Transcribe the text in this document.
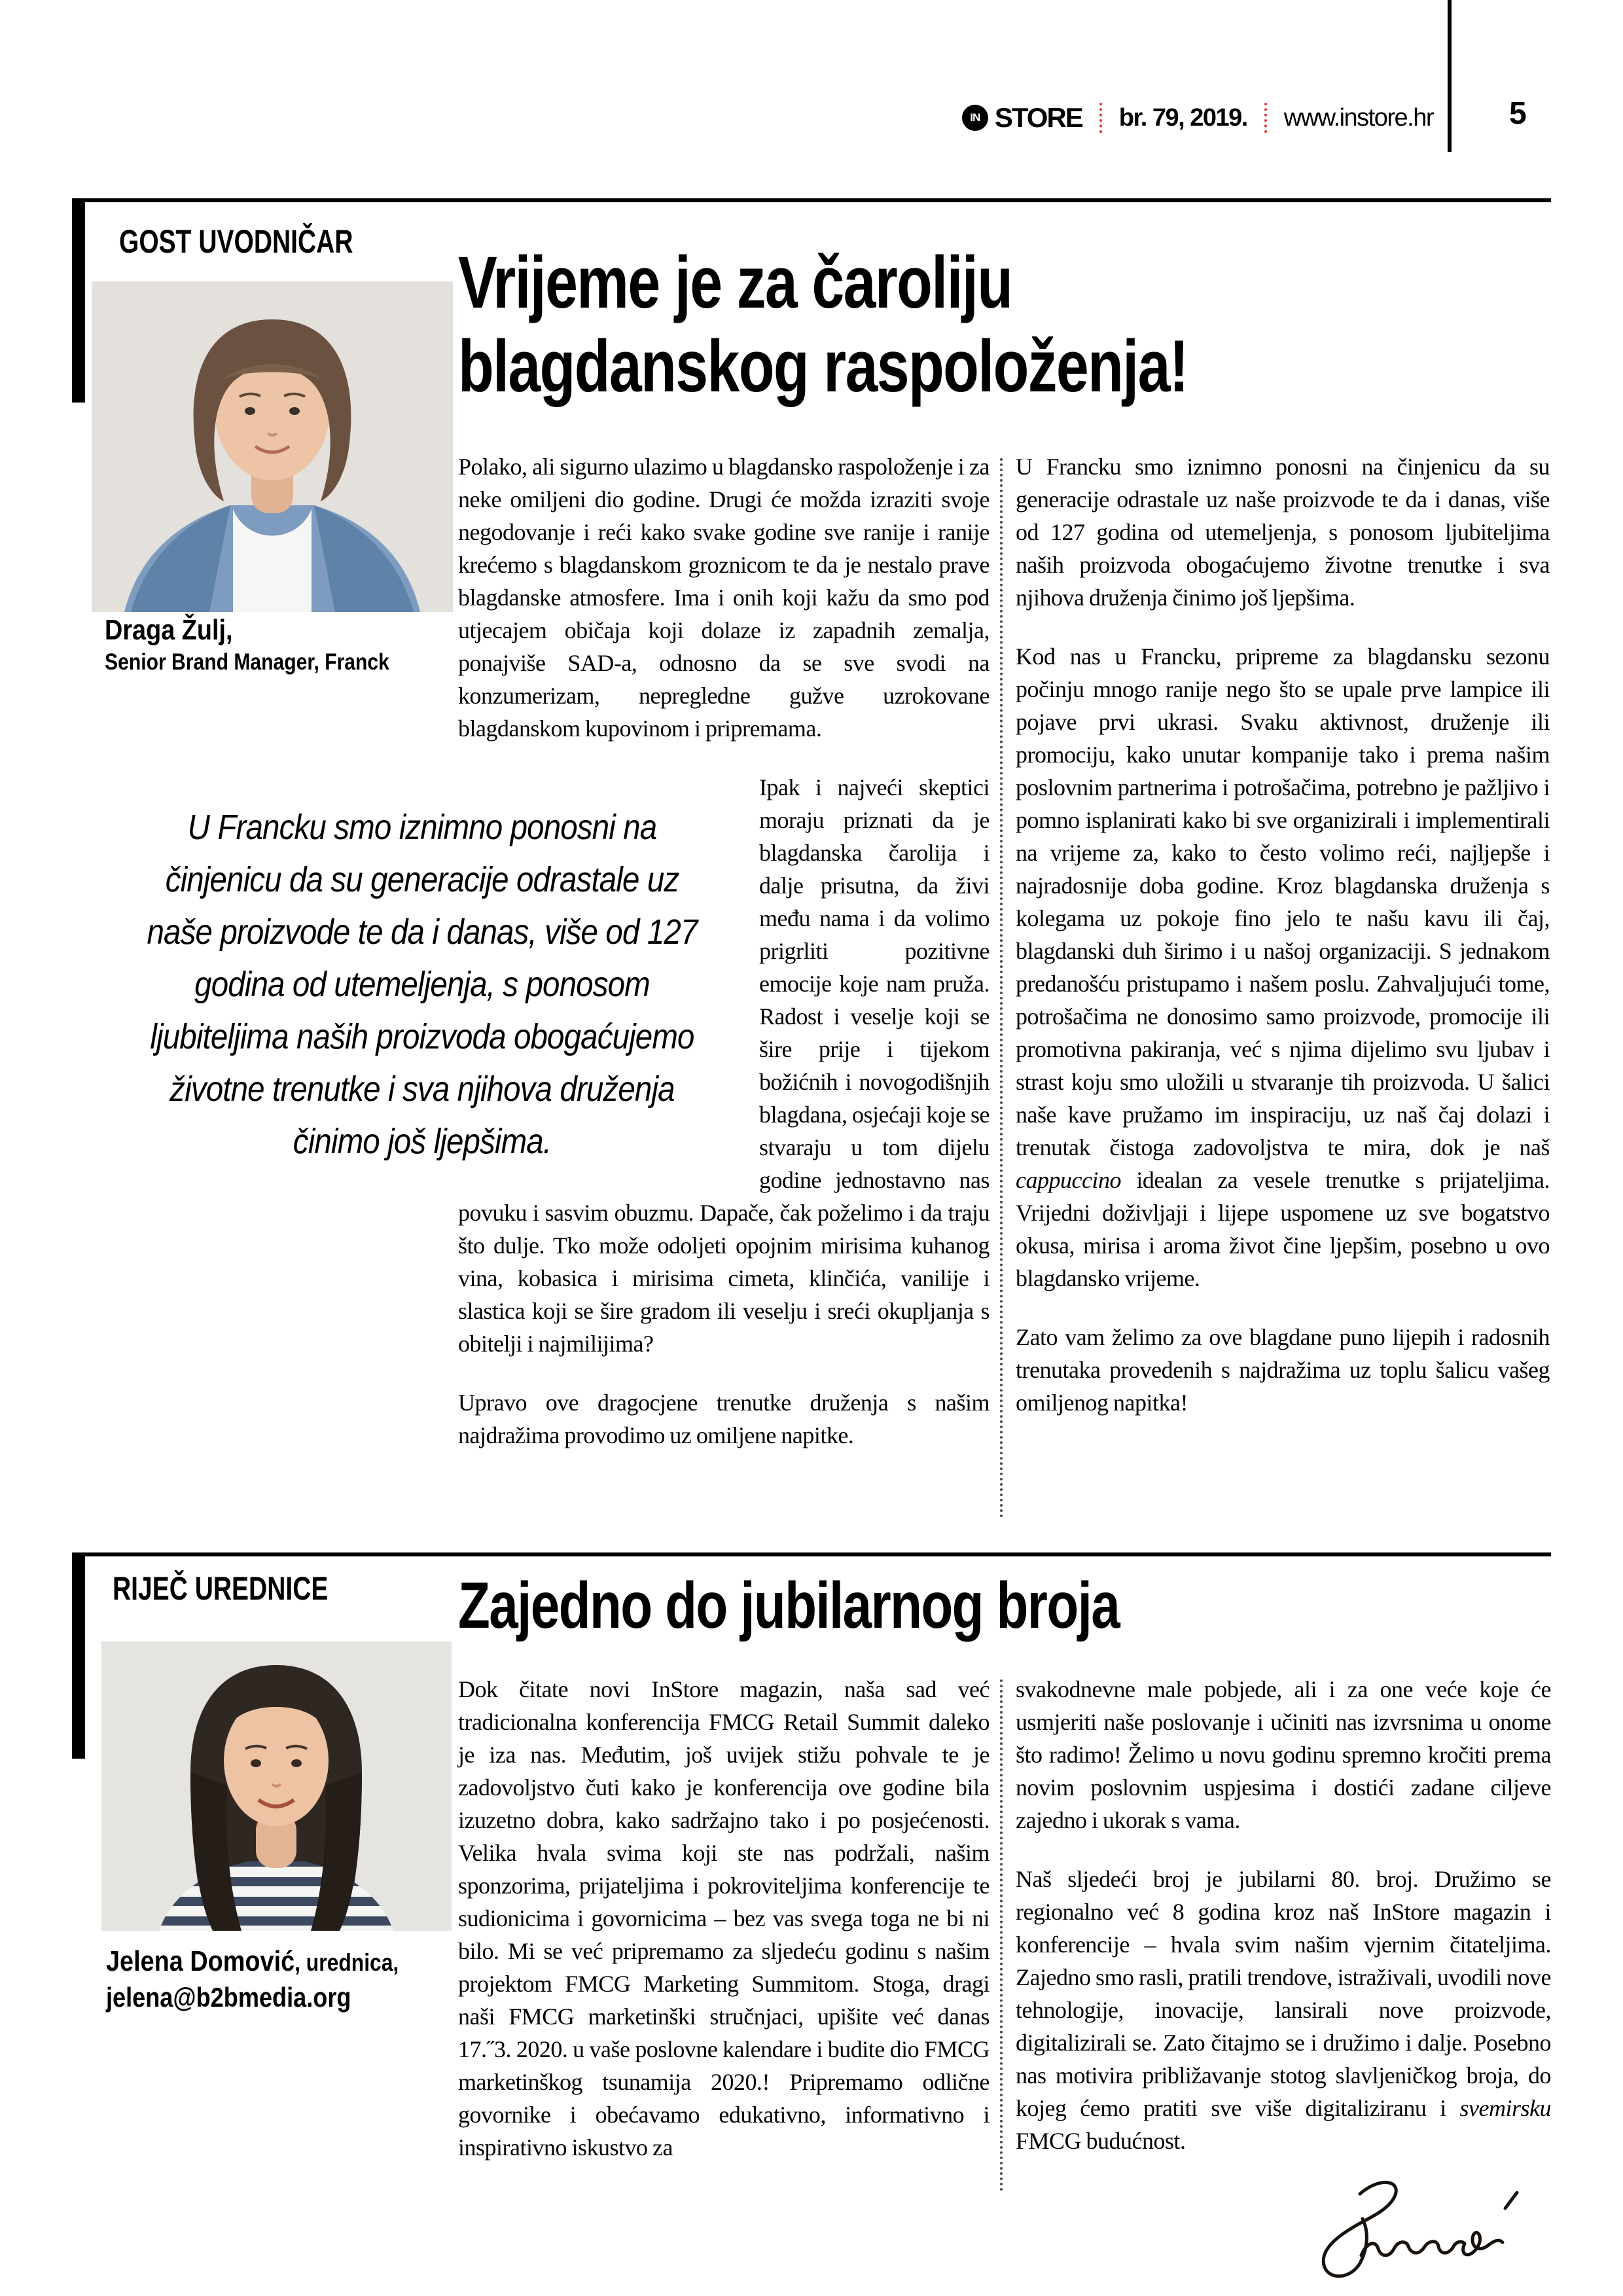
IN STORE br. 79, 2019. www.instore.hr 5
GOST UVODNIČAR	Vrijeme je za čaroliju
blagdanskog raspoloženja!
Draga Žulj,
Senior Brand Manager, Franck

Polako, ali sigurno ulazimo u blagdansko raspoloženje i za neke omiljeni dio godine. Drugi će možda izraziti svoje negodovanje i reći kako svake godine sve ranije i ranije krećemo s blagdanskom groznicom te da je nestalo prave blagdanske atmosfere. Ima i onih koji kažu da smo pod utjecajem običaja koji dolaze iz zapadnih zemalja, ponajviše SAD-a, odnosno da se sve svodi na konzumerizam, nepregledne gužve uzrokovane blagdanskom kupovinom i pripremama.

U Francku smo iznimno ponosni na činjenicu da su generacije odrastale uz naše proizvode te da i danas, više od 127 godina od utemeljenja, s ponosom ljubiteljima naših proizvoda obogaćujemo životne trenutke i sva njihova druženja činimo još ljepšima.

Ipak i najveći skeptici moraju priznati da je blagdanska čarolija i dalje prisutna, da živi među nama i da volimo prigrliti pozitivne emocije koje nam pruža. Radost i veselje koji se šire prije i tijekom božićnih i novogodišnjih blagdana, osjećaji koje se stvaraju u tom dijelu godine jednostavno nas povuku i sasvim obuzmu. Dapače, čak poželimo i da traju što dulje. Tko može odoljeti opojnim mirisima kuhanog vina, kobasica i mirisima cimeta, klinčića, vanilije i slastica koji se šire gradom ili veselju i sreći okupljanja s obitelji i najmilijima?

Upravo ove dragocjene trenutke druženja s našim najdražima provodimo uz omiljene napitke.

U Francku smo iznimno ponosni na činjenicu da su generacije odrastale uz naše proizvode te da i danas, više od 127 godina od utemeljenja, s ponosom ljubiteljima naših proizvoda obogaćujemo životne trenutke i sva njihova druženja činimo još ljepšima.

Kod nas u Francku, pripreme za blagdansku sezonu počinju mnogo ranije nego što se upale prve lampice ili pojave prvi ukrasi. Svaku aktivnost, druženje ili promociju, kako unutar kompanije tako i prema našim poslovnim partnerima i potrošačima, potrebno je pažljivo i pomno isplanirati kako bi sve organizirali i implementirali na vrijeme za, kako to često volimo reći, najljepše i najradosnije doba godine. Kroz blagdanska druženja s kolegama uz pokoje fino jelo te našu kavu ili čaj, blagdanski duh širimo i u našoj organizaciji. S jednakom predanošću pristupamo i našem poslu. Zahvaljujući tome, potrošačima ne donosimo samo proizvode, promocije ili promotivna pakiranja, već s njima dijelimo svu ljubav i strast koju smo uložili u stvaranje tih proizvoda. U šalici naše kave pružamo im inspiraciju, uz naš čaj dolazi i trenutak čistoga zadovoljstva te mira, dok je naš cappuccino idealan za vesele trenutke s prijateljima. Vrijedni doživljaji i lijepe uspomene uz sve bogatstvo okusa, mirisa i aroma život čine ljepšim, posebno u ovo blagdansko vrijeme.

Zato vam želimo za ove blagdane puno lijepih i radosnih trenutaka provedenih s najdražima uz toplu šalicu vašeg omiljenog napitka!

RIJEČ UREDNICE	Zajedno do jubilarnog broja
Jelena Domović, urednica,
jelena@b2bmedia.org

Dok čitate novi InStore magazin, naša sad već tradicionalna konferencija FMCG Retail Summit daleko je iza nas. Međutim, još uvijek stižu pohvale te je zadovoljstvo čuti kako je konferencija ove godine bila izuzetno dobra, kako sadržajno tako i po posjećenosti. Velika hvala svima koji ste nas podržali, našim sponzorima, prijateljima i pokroviteljima konferencije te sudionicima i govornicima – bez vas svega toga ne bi ni bilo. Mi se već pripremamo za sljedeću godinu s našim projektom FMCG Marketing Summitom. Stoga, dragi naši FMCG marketinški stručnjaci, upišite već danas 17.˝3. 2020. u vaše poslovne kalendare i budite dio FMCG marketinškog tsunamija 2020.! Pripremamo odlične govornike i obećavamo edukativno, informativno i inspirativno iskustvo za

svakodnevne male pobjede, ali i za one veće koje će usmjeriti naše poslovanje i učiniti nas izvrsnima u onome što radimo! Želimo u novu godinu spremno kročiti prema novim poslovnim uspjesima i dostići zadane ciljeve zajedno i ukorak s vama.

Naš sljedeći broj je jubilarni 80. broj. Družimo se regionalno već 8 godina kroz naš InStore magazin i konferencije – hvala svim našim vjernim čitateljima. Zajedno smo rasli, pratili trendove, istraživali, uvodili nove tehnologije, inovacije, lansirali nove proizvode, digitalizirali se. Zato čitajmo se i družimo i dalje. Posebno nas motivira približavanje stotog slavljeničkog broja, do kojeg ćemo pratiti sve više digitaliziranu i svemirsku FMCG budućnost.
